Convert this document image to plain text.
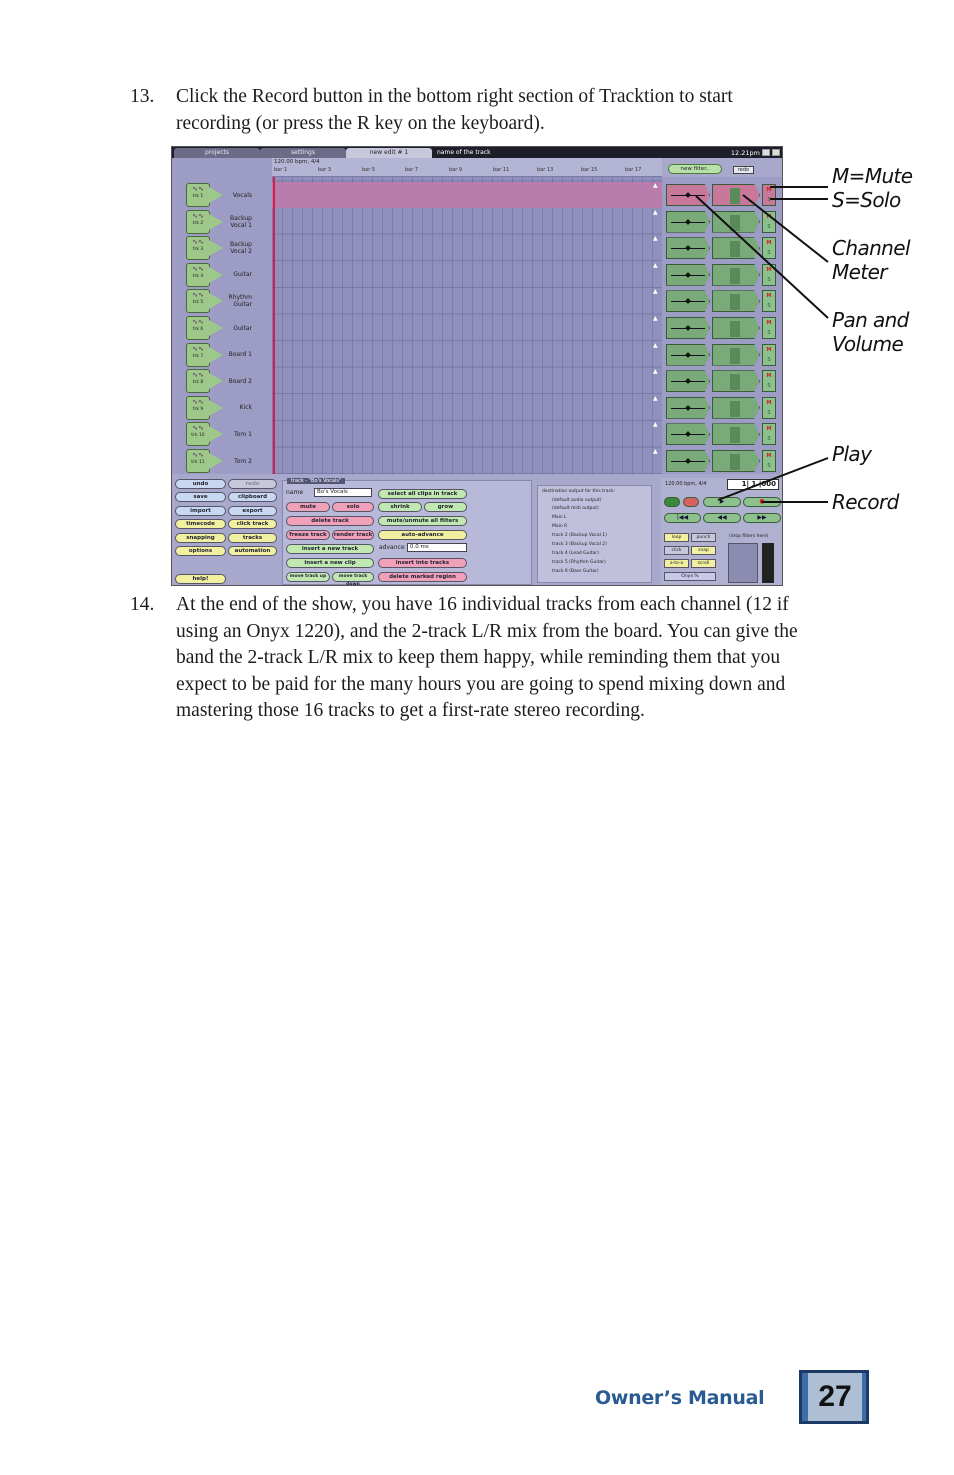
13. Click the Record button in the bottom right section of Tracktion to start
recording (or press the R key on the keyboard).
projects	settings	new edit # 1	name of the track	12.21pm
120.00 bpm, 4/4
bar 1	bar 3	bar 5	bar 7	bar 9	bar 11	bar 13	bar 15	bar 17	new filter..	redo
∿∿
trk 1	Vocals
▲
M
S
∿∿
trk 2
Backup Vocal 1
▲
M
S
∿∿
trk 3
Backup Vocal 2
▲
M
S
∿∿
trk 4	Guitar
▲
M
S
∿∿
trk 5
Rhythm Guitar
▲
M
S
∿∿
trk 6	Guitar
▲
M
S
∿∿
trk 7	Board 1
▲
M
S
∿∿
trk 8	Board 2
▲
M
S
∿∿
trk 9	Kick
▲
M
S
∿∿
trk 10	Tom 1
▲
M
S
∿∿
trk 11	Tom 2
▲
M
S
undo	redo
save	clipboard
import	export
timecode	click track
snapping	tracks
options	automation
help!
track - "Bo's Vocals"
name	Bo's Vocals
mute	solo
delete track
freeze track	render track
insert a new track
insert a new clip
move track up	move track down
select all clips in track
shrink	grow
mute/unmute all filters
auto-advance
advance 0.0 ms
insert into tracks
delete marked region
destination output for this track:
(default audio output)
(default midi output)
Main L
Main R
track 2 (Backup Vocal 1)
track 3 (Backup Vocal 2)
track 4 (Lead Guitar)
track 5 (Rhythm Guitar)
track 6 (Bass Guitar)
120.00 bpm, 4/4	1| 1 |000
▶	●
|◀◀	◀◀	▶▶
loop	punch
click	snap
a-to-a	scroll
Onyx %
(drop filters here)
M=Mute
S=Solo
Channel
Meter
Pan and
Volume
Play
Record
14. At the end of the show, you have 16 individual tracks from each channel (12 if
using an Onyx 1220), and the 2-track L/R mix from the board. You can give the
band the 2-track L/R mix to keep them happy, while reminding them that you
expect to be paid for the many hours you are going to spend mixing down and
mastering those 16 tracks to get a first-rate stereo recording.
Owner’s Manual	27
